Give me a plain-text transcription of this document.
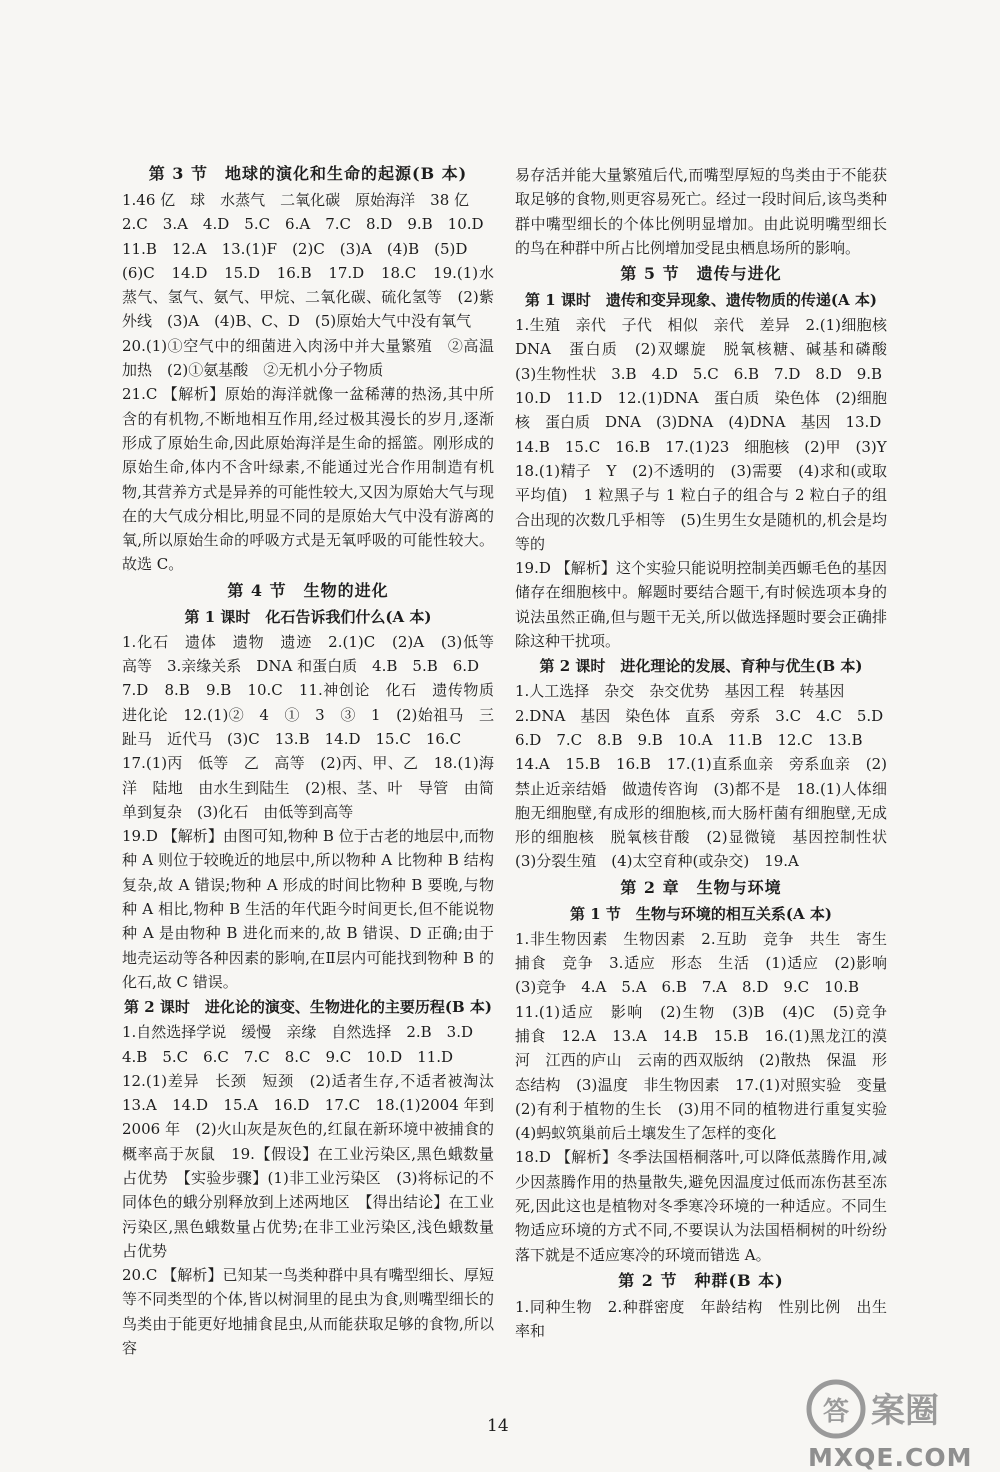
第 3 节　地球的演化和生命的起源(B 本)
1.46 亿　球　水蒸气　二氧化碳　原始海洋　38 亿
2.C　3.A　4.D　5.C　6.A　7.C　8.D　9.B　10.D
11.B　12.A　13.(1)F　(2)C　(3)A　(4)B　(5)D
(6)C　14.D　15.D　16.B　17.D　18.C　19.(1)水蒸气、氢气、氨气、甲烷、二氧化碳、硫化氢等　(2)紫外线　(3)A　(4)B、C、D　(5)原始大气中没有氧气
20.(1)①空气中的细菌进入肉汤中并大量繁殖　②高温加热　(2)①氨基酸　②无机小分子物质
21.C 【解析】原始的海洋就像一盆稀薄的热汤,其中所含的有机物,不断地相互作用,经过极其漫长的岁月,逐渐形成了原始生命,因此原始海洋是生命的摇篮。刚形成的原始生命,体内不含叶绿素,不能通过光合作用制造有机物,其营养方式是异养的可能性较大,又因为原始大气与现在的大气成分相比,明显不同的是原始大气中没有游离的氧,所以原始生命的呼吸方式是无氧呼吸的可能性较大。故选 C。
第 4 节　生物的进化
第 1 课时　化石告诉我们什么(A 本)
1.化石　遗体　遗物　遗迹　2.(1)C　(2)A　(3)低等　高等　3.亲缘关系　DNA 和蛋白质　4.B　5.B　6.D
7.D　8.B　9.B　10.C　11.神创论　化石　遗传物质　进化论　12.(1)②　4　①　3　③　1　(2)始祖马　三趾马　近代马　(3)C　13.B　14.D　15.C　16.C
17.(1)丙　低等　乙　高等　(2)丙、甲、乙　18.(1)海洋　陆地　由水生到陆生　(2)根、茎、叶　导管　由简单到复杂　(3)化石　由低等到高等
19.D 【解析】由图可知,物种 B 位于古老的地层中,而物种 A 则位于较晚近的地层中,所以物种 A 比物种 B 结构复杂,故 A 错误;物种 A 形成的时间比物种 B 要晚,与物种 A 相比,物种 B 生活的年代距今时间更长,但不能说物种 A 是由物种 B 进化而来的,故 B 错误、D 正确;由于地壳运动等各种因素的影响,在Ⅱ层内可能找到物种 B 的化石,故 C 错误。
第 2 课时　进化论的演变、生物进化的主要历程(B 本)
1.自然选择学说　缓慢　亲缘　自然选择　2.B　3.D
4.B　5.C　6.C　7.C　8.C　9.C　10.D　11.D
12.(1)差异　长颈　短颈　(2)适者生存,不适者被淘汰　13.A　14.D　15.A　16.D　17.C　18.(1)2004 年到 2006 年　(2)火山灰是灰色的,红鼠在新环境中被捕食的概率高于灰鼠　19.【假设】在工业污染区,黑色蛾数量占优势　【实验步骤】(1)非工业污染区　(3)将标记的不同体色的蛾分别释放到上述两地区　【得出结论】在工业污染区,黑色蛾数量占优势;在非工业污染区,浅色蛾数量占优势
20.C 【解析】已知某一鸟类种群中具有嘴型细长、厚短等不同类型的个体,皆以树洞里的昆虫为食,则嘴型细长的鸟类由于能更好地捕食昆虫,从而能获取足够的食物,所以容
易存活并能大量繁殖后代,而嘴型厚短的鸟类由于不能获取足够的食物,则更容易死亡。经过一段时间后,该鸟类种群中嘴型细长的个体比例明显增加。由此说明嘴型细长的鸟在种群中所占比例增加受昆虫栖息场所的影响。
第 5 节　遗传与进化
第 1 课时　遗传和变异现象、遗传物质的传递(A 本)
1.生殖　亲代　子代　相似　亲代　差异　2.(1)细胞核　DNA　蛋白质　(2)双螺旋　脱氧核糖、碱基和磷酸　(3)生物性状　3.B　4.D　5.C　6.B　7.D　8.D　9.B
10.D　11.D　12.(1)DNA　蛋白质　染色体　(2)细胞核　蛋白质　DNA　(3)DNA　(4)DNA　基因　13.D
14.B　15.C　16.B　17.(1)23　细胞核　(2)甲　(3)Y
18.(1)精子　Y　(2)不透明的　(3)需要　(4)求和(或取平均值)　1 粒黑子与 1 粒白子的组合与 2 粒白子的组合出现的次数几乎相等　(5)生男生女是随机的,机会是均等的
19.D 【解析】这个实验只能说明控制美西螈毛色的基因储存在细胞核中。解题时要结合题干,有时候选项本身的说法虽然正确,但与题干无关,所以做选择题时要会正确排除这种干扰项。
第 2 课时　进化理论的发展、育种与优生(B 本)
1.人工选择　杂交　杂交优势　基因工程　转基因
2.DNA　基因　染色体　直系　旁系　3.C　4.C　5.D
6.D　7.C　8.B　9.B　10.A　11.B　12.C　13.B
14.A　15.B　16.B　17.(1)直系血亲　旁系血亲　(2)禁止近亲结婚　做遗传咨询　(3)都不是　18.(1)人体细胞无细胞壁,有成形的细胞核,而大肠杆菌有细胞壁,无成形的细胞核　脱氧核苷酸　(2)显微镜　基因控制性状　(3)分裂生殖　(4)太空育种(或杂交)　19.A
第 2 章　生物与环境
第 1 节　生物与环境的相互关系(A 本)
1.非生物因素　生物因素　2.互助　竞争　共生　寄生　捕食　竞争　3.适应　形态　生活　(1)适应　(2)影响　(3)竞争　4.A　5.A　6.B　7.A　8.D　9.C　10.B
11.(1)适应　影响　(2)生物　(3)B　(4)C　(5)竞争　捕食　12.A　13.A　14.B　15.B　16.(1)黑龙江的漠河　江西的庐山　云南的西双版纳　(2)散热　保温　形态结构　(3)温度　非生物因素　17.(1)对照实验　变量　(2)有利于植物的生长　(3)用不同的植物进行重复实验　(4)蚂蚁筑巢前后土壤发生了怎样的变化
18.D 【解析】冬季法国梧桐落叶,可以降低蒸腾作用,减少因蒸腾作用的热量散失,避免因温度过低而冻伤甚至冻死,因此这也是植物对冬季寒冷环境的一种适应。不同生物适应环境的方式不同,不要误认为法国梧桐树的叶纷纷落下就是不适应寒冷的环境而错选 A。
第 2 节　种群(B 本)
1.同种生物　2.种群密度　年龄结构　性别比例　出生率和
14	答 案圈
MXQE.COM
